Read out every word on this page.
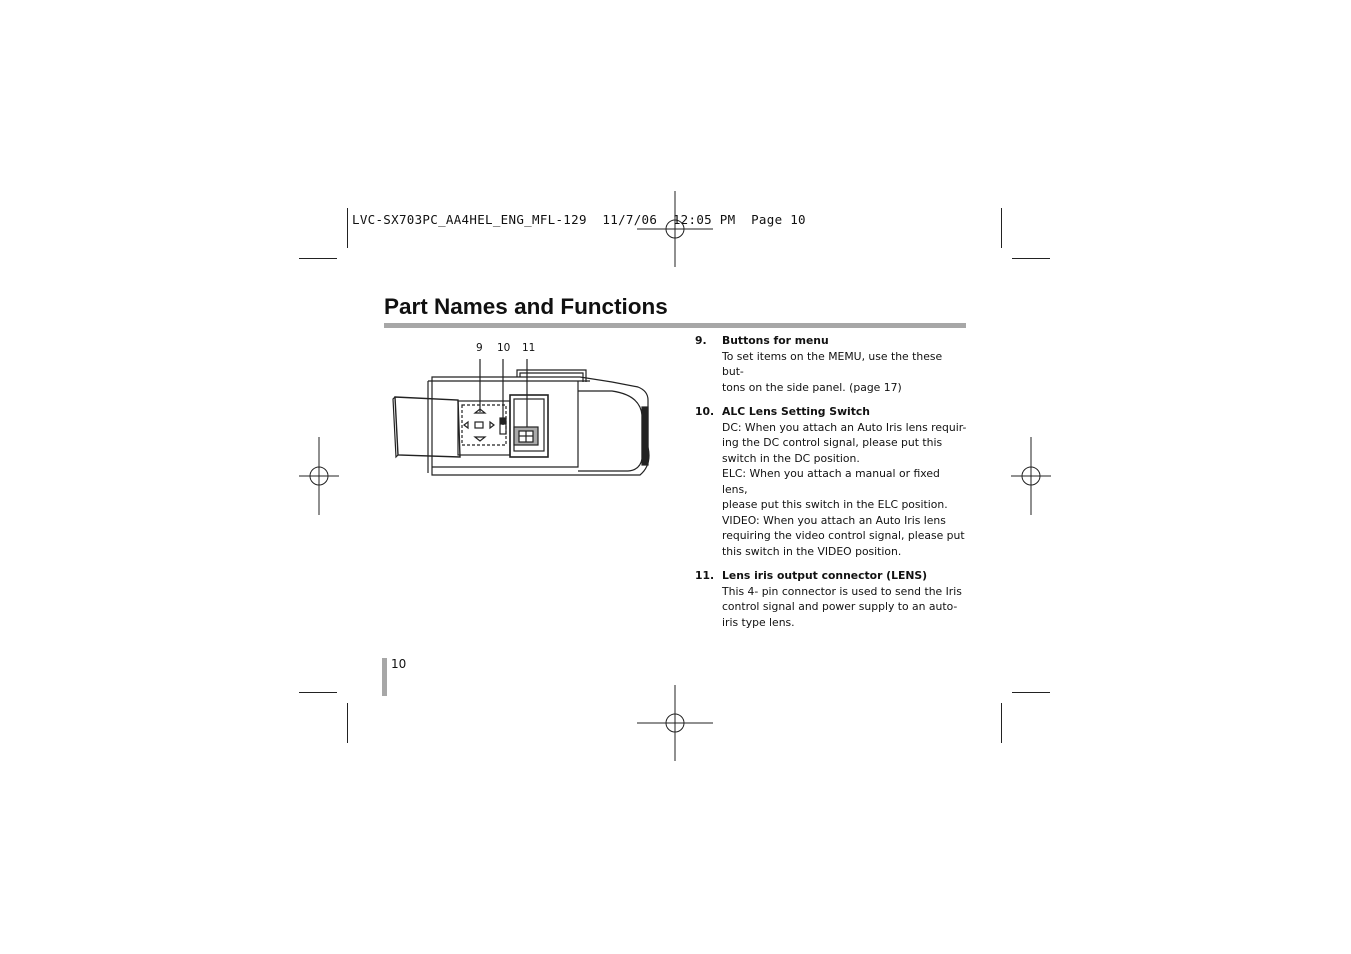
LVC-SX703PC_AA4HEL_ENG_MFL-129  11/7/06  12:05 PM  Page 10
Part Names and Functions
9 10 11
9. Buttons for menu
To set items on the MEMU, use the these but-
tons on the side panel. (page 17)
10. ALC Lens Setting Switch
DC: When you attach an Auto Iris lens requir-
ing the DC control signal, please put this
switch in the DC position.
ELC: When you attach a manual or fixed lens,
please put this switch in the ELC position.
VIDEO: When you attach an Auto Iris lens
requiring the video control signal, please put
this switch in the VIDEO position.
11. Lens iris output connector (LENS)
This 4- pin connector is used to send the Iris
control signal and power supply to an auto-
iris type lens.
10
